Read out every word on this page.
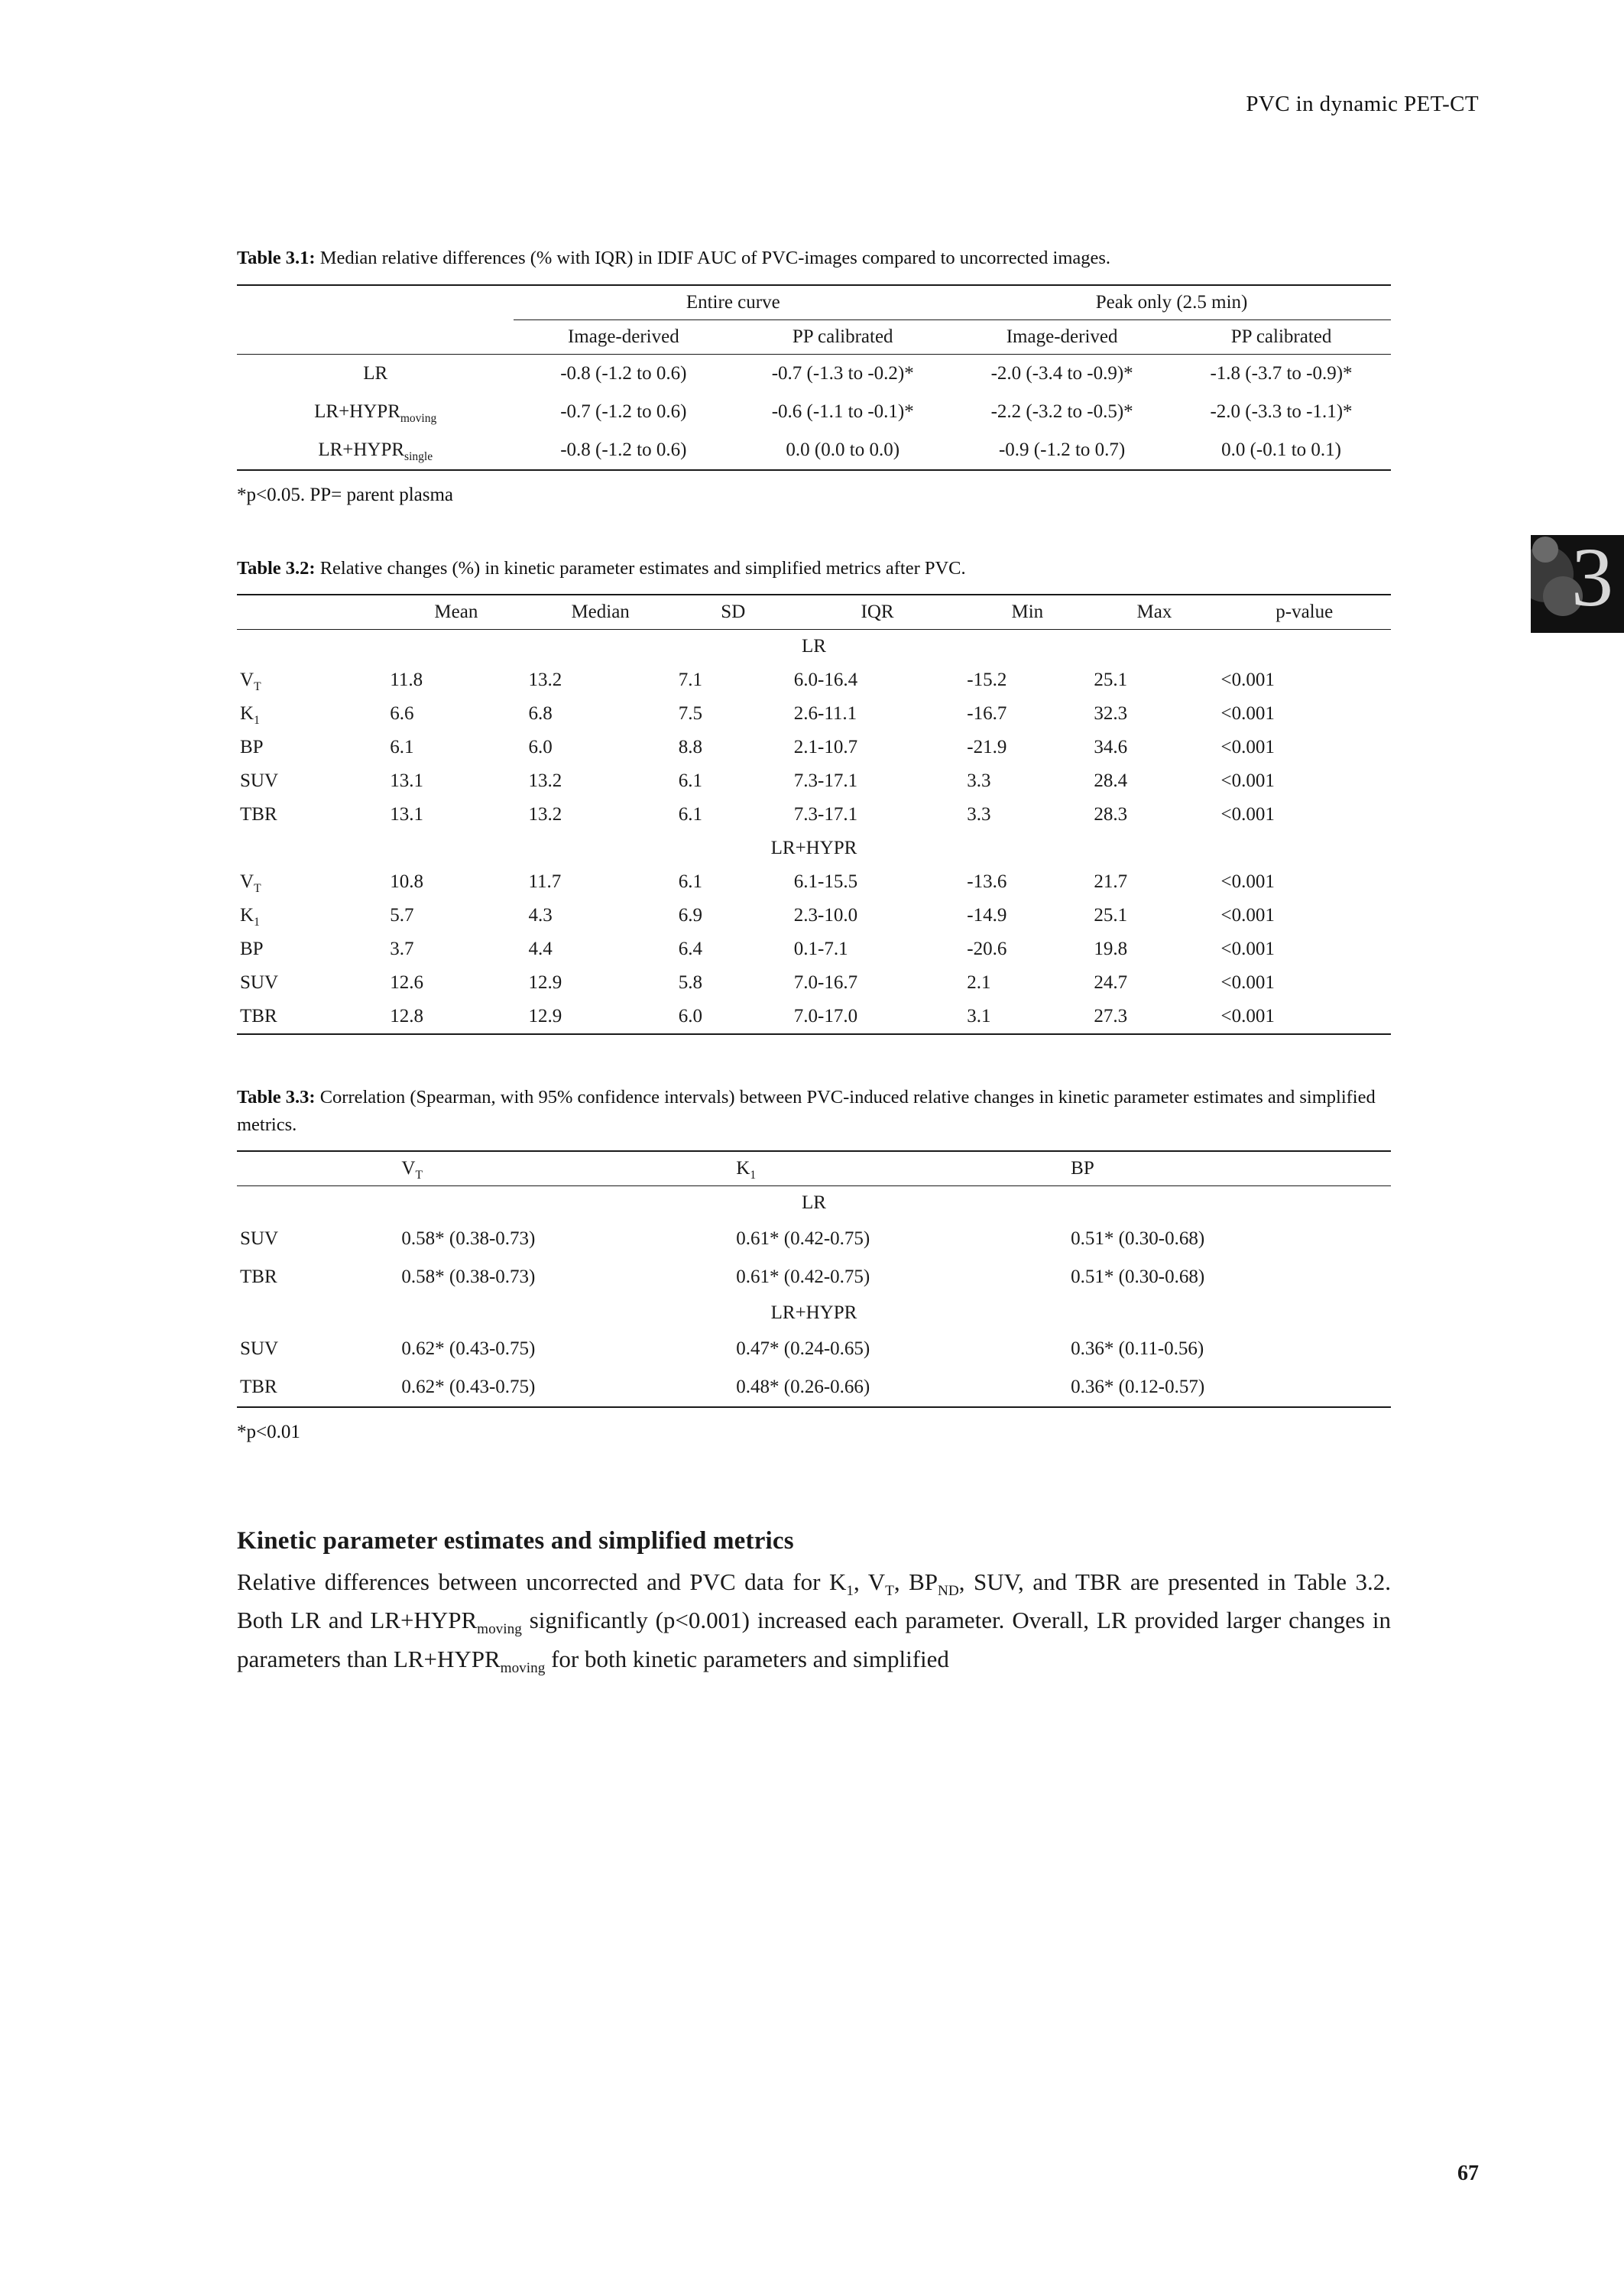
PVC in dynamic PET-CT
3
Table 3.1: Median relative differences (% with IQR) in IDIF AUC of PVC-images compared to uncorrected images.
	Entire curve		Peak only (2.5 min)	
	Image-derived	PP calibrated	Image-derived	PP calibrated
LR	-0.8 (-1.2 to 0.6)	-0.7 (-1.3 to -0.2)*	-2.0 (-3.4 to -0.9)*	-1.8 (-3.7 to -0.9)*
$LR+HYPR_{moving}$	-0.7 (-1.2 to 0.6)	-0.6 (-1.1 to -0.1)*	-2.2 (-3.2 to -0.5)*	-2.0 (-3.3 to -1.1)*
$LR+HYPR_{single}$	-0.8 (-1.2 to 0.6)	0.0 (0.0 to 0.0)	-0.9 (-1.2 to 0.7)	0.0 (-0.1 to 0.1)
*p<0.05. PP= parent plasma
Table 3.2: Relative changes (%) in kinetic parameter estimates and simplified metrics after PVC.
	Mean	Median	SD	IQR	Min	Max	p-value
LR							
$V_T$	11.8	13.2	7.1	6.0-16.4	-15.2	25.1	<0.001
$K_1$	6.6	6.8	7.5	2.6-11.1	-16.7	32.3	<0.001
BP	6.1	6.0	8.8	2.1-10.7	-21.9	34.6	<0.001
SUV	13.1	13.2	6.1	7.3-17.1	3.3	28.4	<0.001
TBR	13.1	13.2	6.1	7.3-17.1	3.3	28.3	<0.001
LR+HYPR							
$V_T$	10.8	11.7	6.1	6.1-15.5	-13.6	21.7	<0.001
$K_1$	5.7	4.3	6.9	2.3-10.0	-14.9	25.1	<0.001
BP	3.7	4.4	6.4	0.1-7.1	-20.6	19.8	<0.001
SUV	12.6	12.9	5.8	7.0-16.7	2.1	24.7	<0.001
TBR	12.8	12.9	6.0	7.0-17.0	3.1	27.3	<0.001
Table 3.3: Correlation (Spearman, with 95% confidence intervals) between PVC-induced relative changes in kinetic parameter estimates and simplified metrics.
	$V_T$	$K_1$	BP
LR			
SUV	0.58* (0.38-0.73)	0.61* (0.42-0.75)	0.51* (0.30-0.68)
TBR	0.58* (0.38-0.73)	0.61* (0.42-0.75)	0.51* (0.30-0.68)
LR+HYPR			
SUV	0.62* (0.43-0.75)	0.47* (0.24-0.65)	0.36* (0.11-0.56)
TBR	0.62* (0.43-0.75)	0.48* (0.26-0.66)	0.36* (0.12-0.57)
*p<0.01
Kinetic parameter estimates and simplified metrics

Relative differences between uncorrected and PVC data for $K_1$, $V_T$, $BP_{ND}$, SUV, and TBR are presented in Table 3.2. Both LR and $LR+HYPR_{moving}$ significantly (p<0.001) increased each parameter. Overall, LR provided larger changes in parameters than $LR+HYPR_{moving}$ for both kinetic parameters and simplified

67
